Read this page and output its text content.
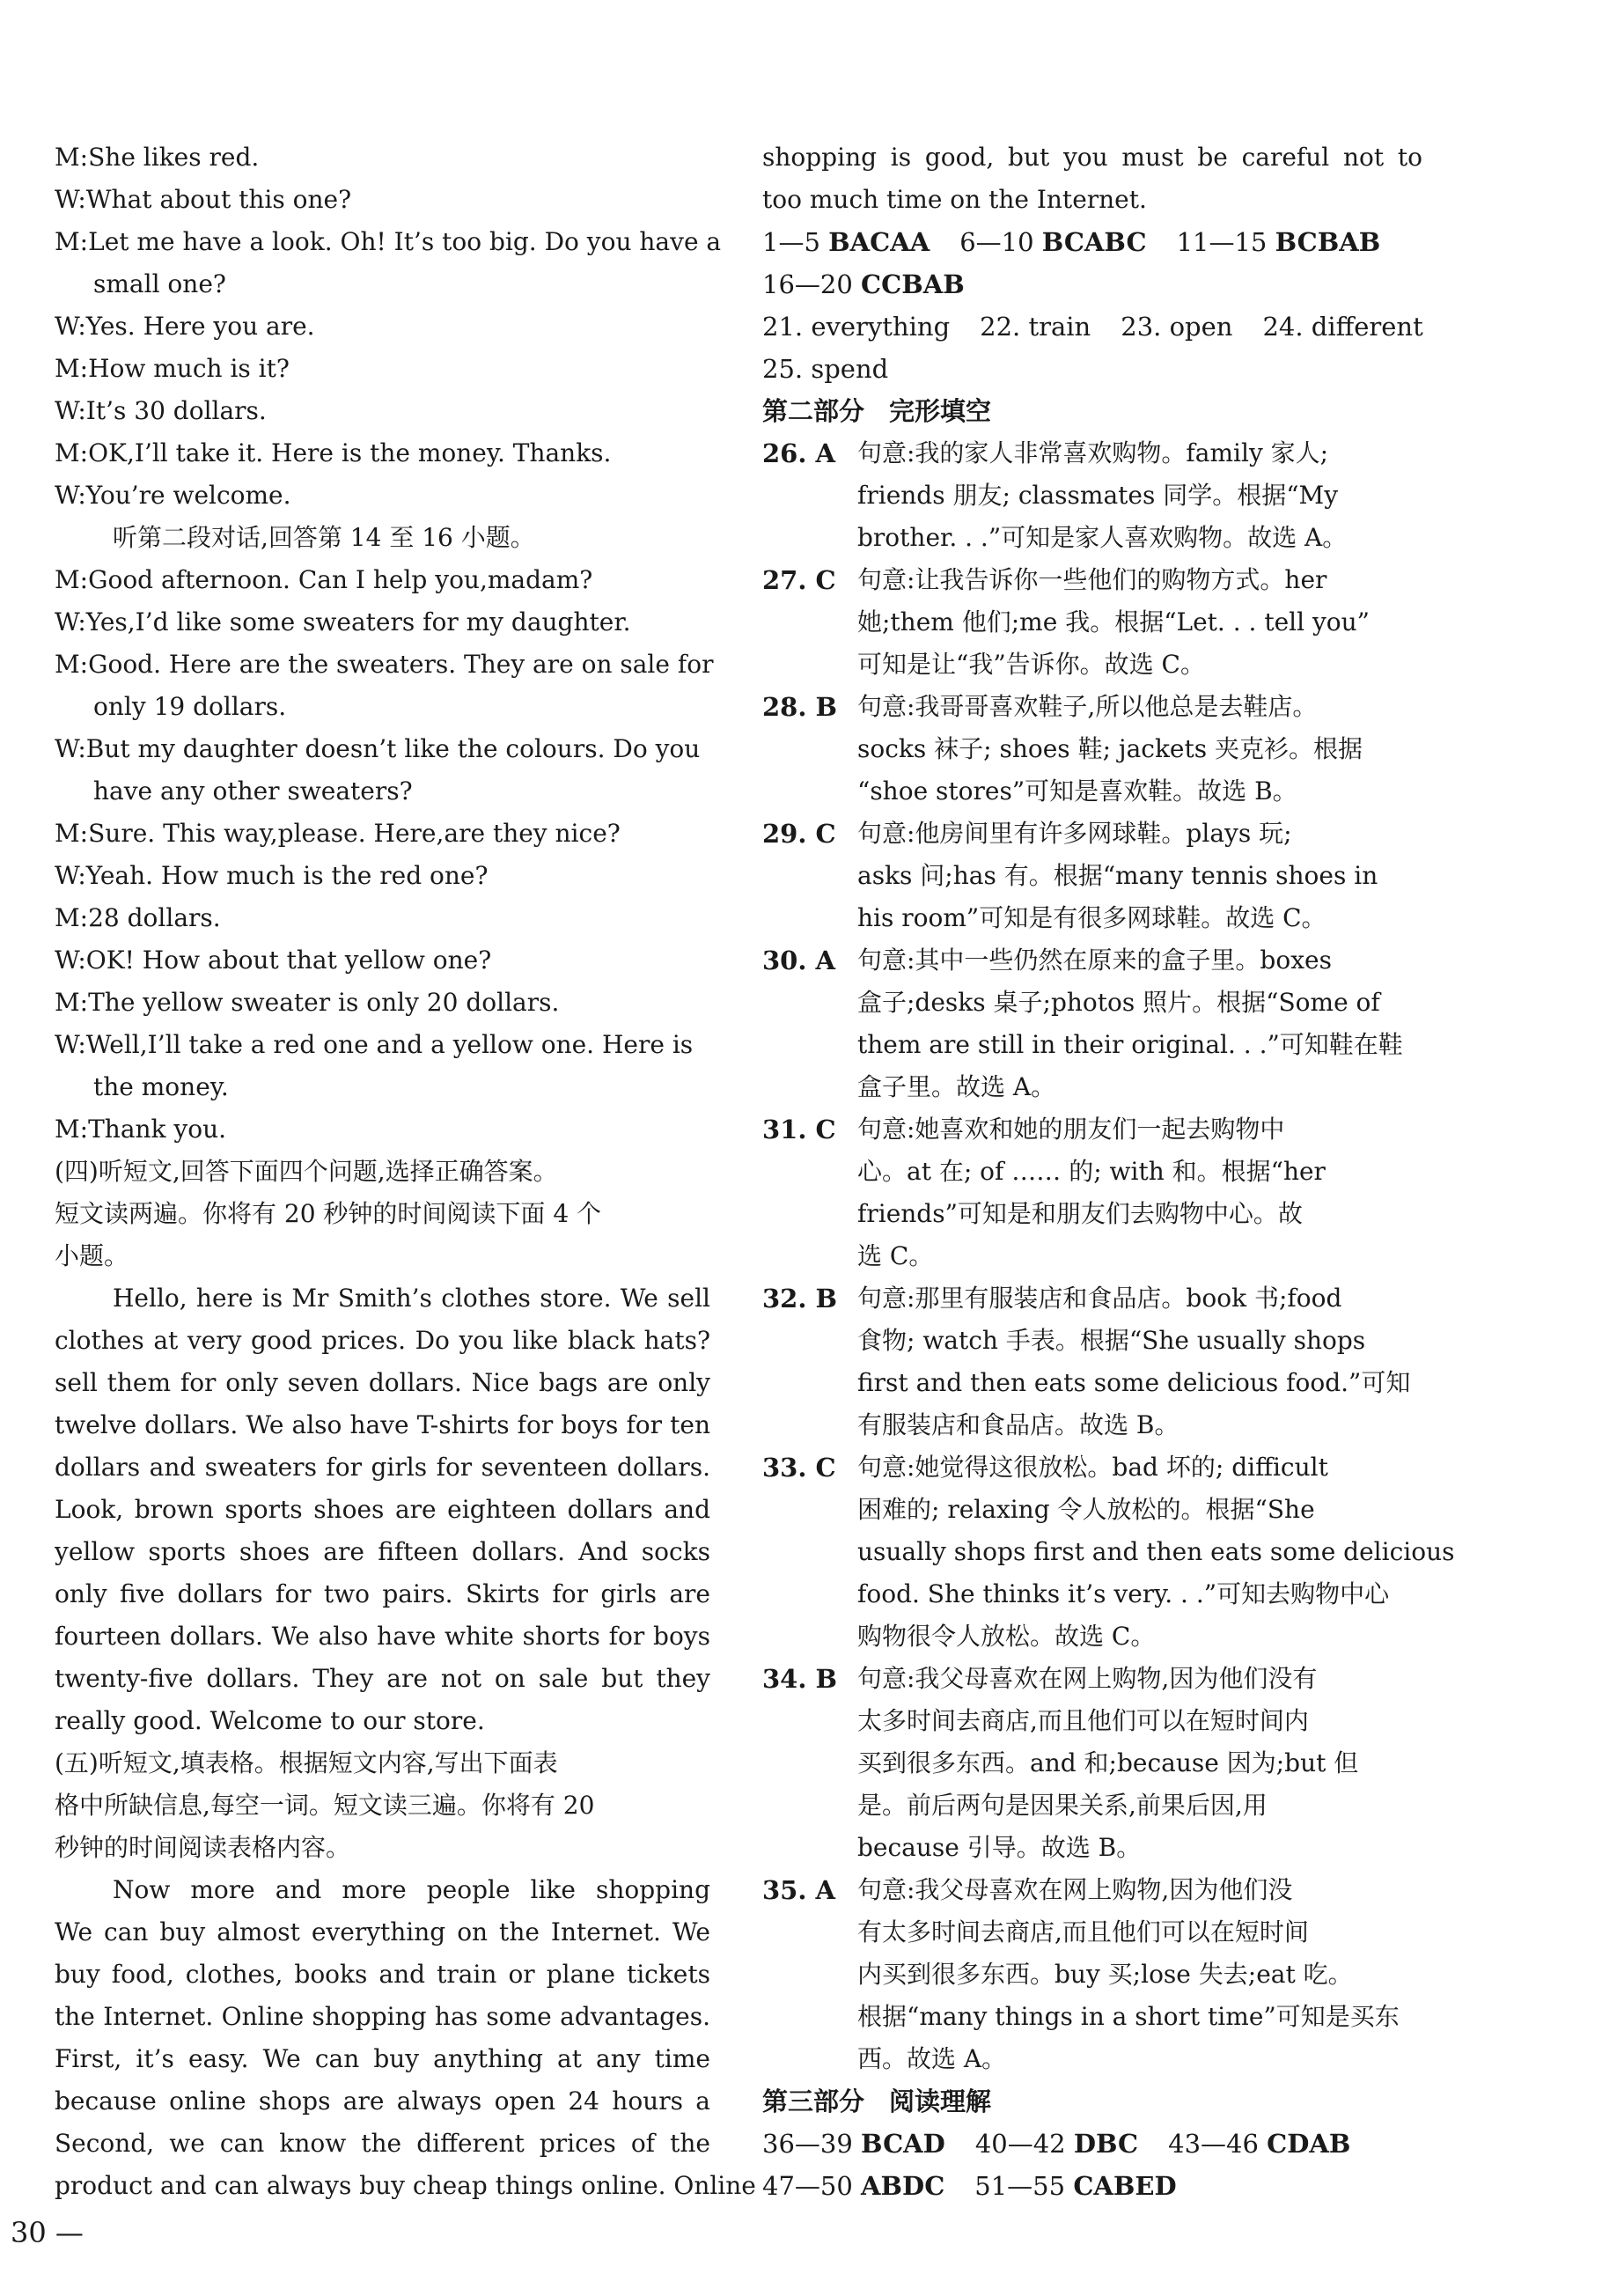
M:She likes red.
W:What about this one?
M:Let me have a look. Oh! It’s too big. Do you have a
small one?
W:Yes. Here you are.
M:How much is it?
W:It’s 30 dollars.
M:OK,I’ll take it. Here is the money. Thanks.
W:You’re welcome.
听第二段对话,回答第 14 至 16 小题。
M:Good afternoon. Can I help you,madam?
W:Yes,I’d like some sweaters for my daughter.
M:Good. Here are the sweaters. They are on sale for
only 19 dollars.
W:But my daughter doesn’t like the colours. Do you
have any other sweaters?
M:Sure. This way,please. Here,are they nice?
W:Yeah. How much is the red one?
M:28 dollars.
W:OK! How about that yellow one?
M:The yellow sweater is only 20 dollars.
W:Well,I’ll take a red one and a yellow one. Here is
the money.
M:Thank you.
(四)听短文,回答下面四个问题,选择正确答案。
短文读两遍。你将有 20 秒钟的时间阅读下面 4 个
小题。
Hello, here is Mr Smith’s clothes store. We sell
clothes at very good prices. Do you like black hats?
sell them for only seven dollars. Nice bags are only
twelve dollars. We also have T-shirts for boys for ten
dollars and sweaters for girls for seventeen dollars.
Look, brown sports shoes are eighteen dollars and
yellow sports shoes are fifteen dollars. And socks
only five dollars for two pairs. Skirts for girls are
fourteen dollars. We also have white shorts for boys
twenty-five dollars. They are not on sale but they
really good. Welcome to our store.
(五)听短文,填表格。根据短文内容,写出下面表
格中所缺信息,每空一词。短文读三遍。你将有 20
秒钟的时间阅读表格内容。
Now more and more people like shopping
We can buy almost everything on the Internet. We
buy food, clothes, books and train or plane tickets
the Internet. Online shopping has some advantages.
First, it’s easy. We can buy anything at any time
because online shops are always open 24 hours a
Second, we can know the different prices of the
product and can always buy cheap things online. Online
shopping is good, but you must be careful not to
too much time on the Internet.
1—5 BACAA 6—10 BCABC 11—15 BCBAB
16—20 CCBAB
21. everything 22. train 23. open 24. different
25. spend
第二部分 完形填空
26. A 句意:我的家人非常喜欢购物。family 家人;
friends 朋友; classmates 同学。根据“My
brother. . .”可知是家人喜欢购物。故选 A。
27. C 句意:让我告诉你一些他们的购物方式。her
她;them 他们;me 我。根据“Let. . . tell you”
可知是让“我”告诉你。故选 C。
28. B 句意:我哥哥喜欢鞋子,所以他总是去鞋店。
socks 袜子; shoes 鞋; jackets 夹克衫。根据
“shoe stores”可知是喜欢鞋。故选 B。
29. C 句意:他房间里有许多网球鞋。plays 玩;
asks 问;has 有。根据“many tennis shoes in
his room”可知是有很多网球鞋。故选 C。
30. A 句意:其中一些仍然在原来的盒子里。boxes
盒子;desks 桌子;photos 照片。根据“Some of
them are still in their original. . .”可知鞋在鞋
盒子里。故选 A。
31. C 句意:她喜欢和她的朋友们一起去购物中
心。at 在; of …… 的; with 和。根据“her
friends”可知是和朋友们去购物中心。故
选 C。
32. B 句意:那里有服装店和食品店。book 书;food
食物; watch 手表。根据“She usually shops
first and then eats some delicious food.”可知
有服装店和食品店。故选 B。
33. C 句意:她觉得这很放松。bad 坏的; difficult
困难的; relaxing 令人放松的。根据“She
usually shops first and then eats some delicious
food. She thinks it’s very. . .”可知去购物中心
购物很令人放松。故选 C。
34. B 句意:我父母喜欢在网上购物,因为他们没有
太多时间去商店,而且他们可以在短时间内
买到很多东西。and 和;because 因为;but 但
是。前后两句是因果关系,前果后因,用
because 引导。故选 B。
35. A 句意:我父母喜欢在网上购物,因为他们没
有太多时间去商店,而且他们可以在短时间
内买到很多东西。buy 买;lose 失去;eat 吃。
根据“many things in a short time”可知是买东
西。故选 A。
第三部分 阅读理解
36—39 BCAD 40—42 DBC 43—46 CDAB
47—50 ABDC 51—55 CABED
30 —
